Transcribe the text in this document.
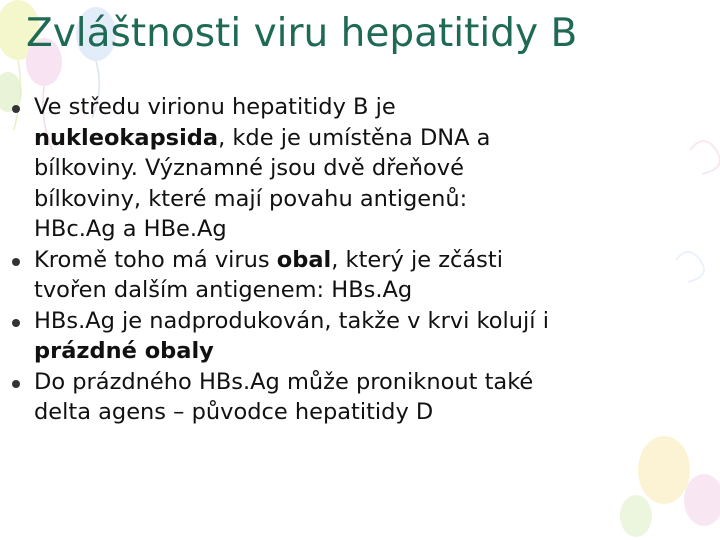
Zvláštnosti viru hepatitidy B
Ve středu virionu hepatitidy B je
nukleokapsida, kde je umístěna DNA a
bílkoviny. Významné jsou dvě dřeňové
bílkoviny, které mají povahu antigenů:
HBc.Ag a HBe.Ag
Kromě toho má virus obal, který je zčásti
tvořen dalším antigenem: HBs.Ag
HBs.Ag je nadprodukován, takže v krvi kolují i
prázdné obaly
Do prázdného HBs.Ag může proniknout také
delta agens – původce hepatitidy D
